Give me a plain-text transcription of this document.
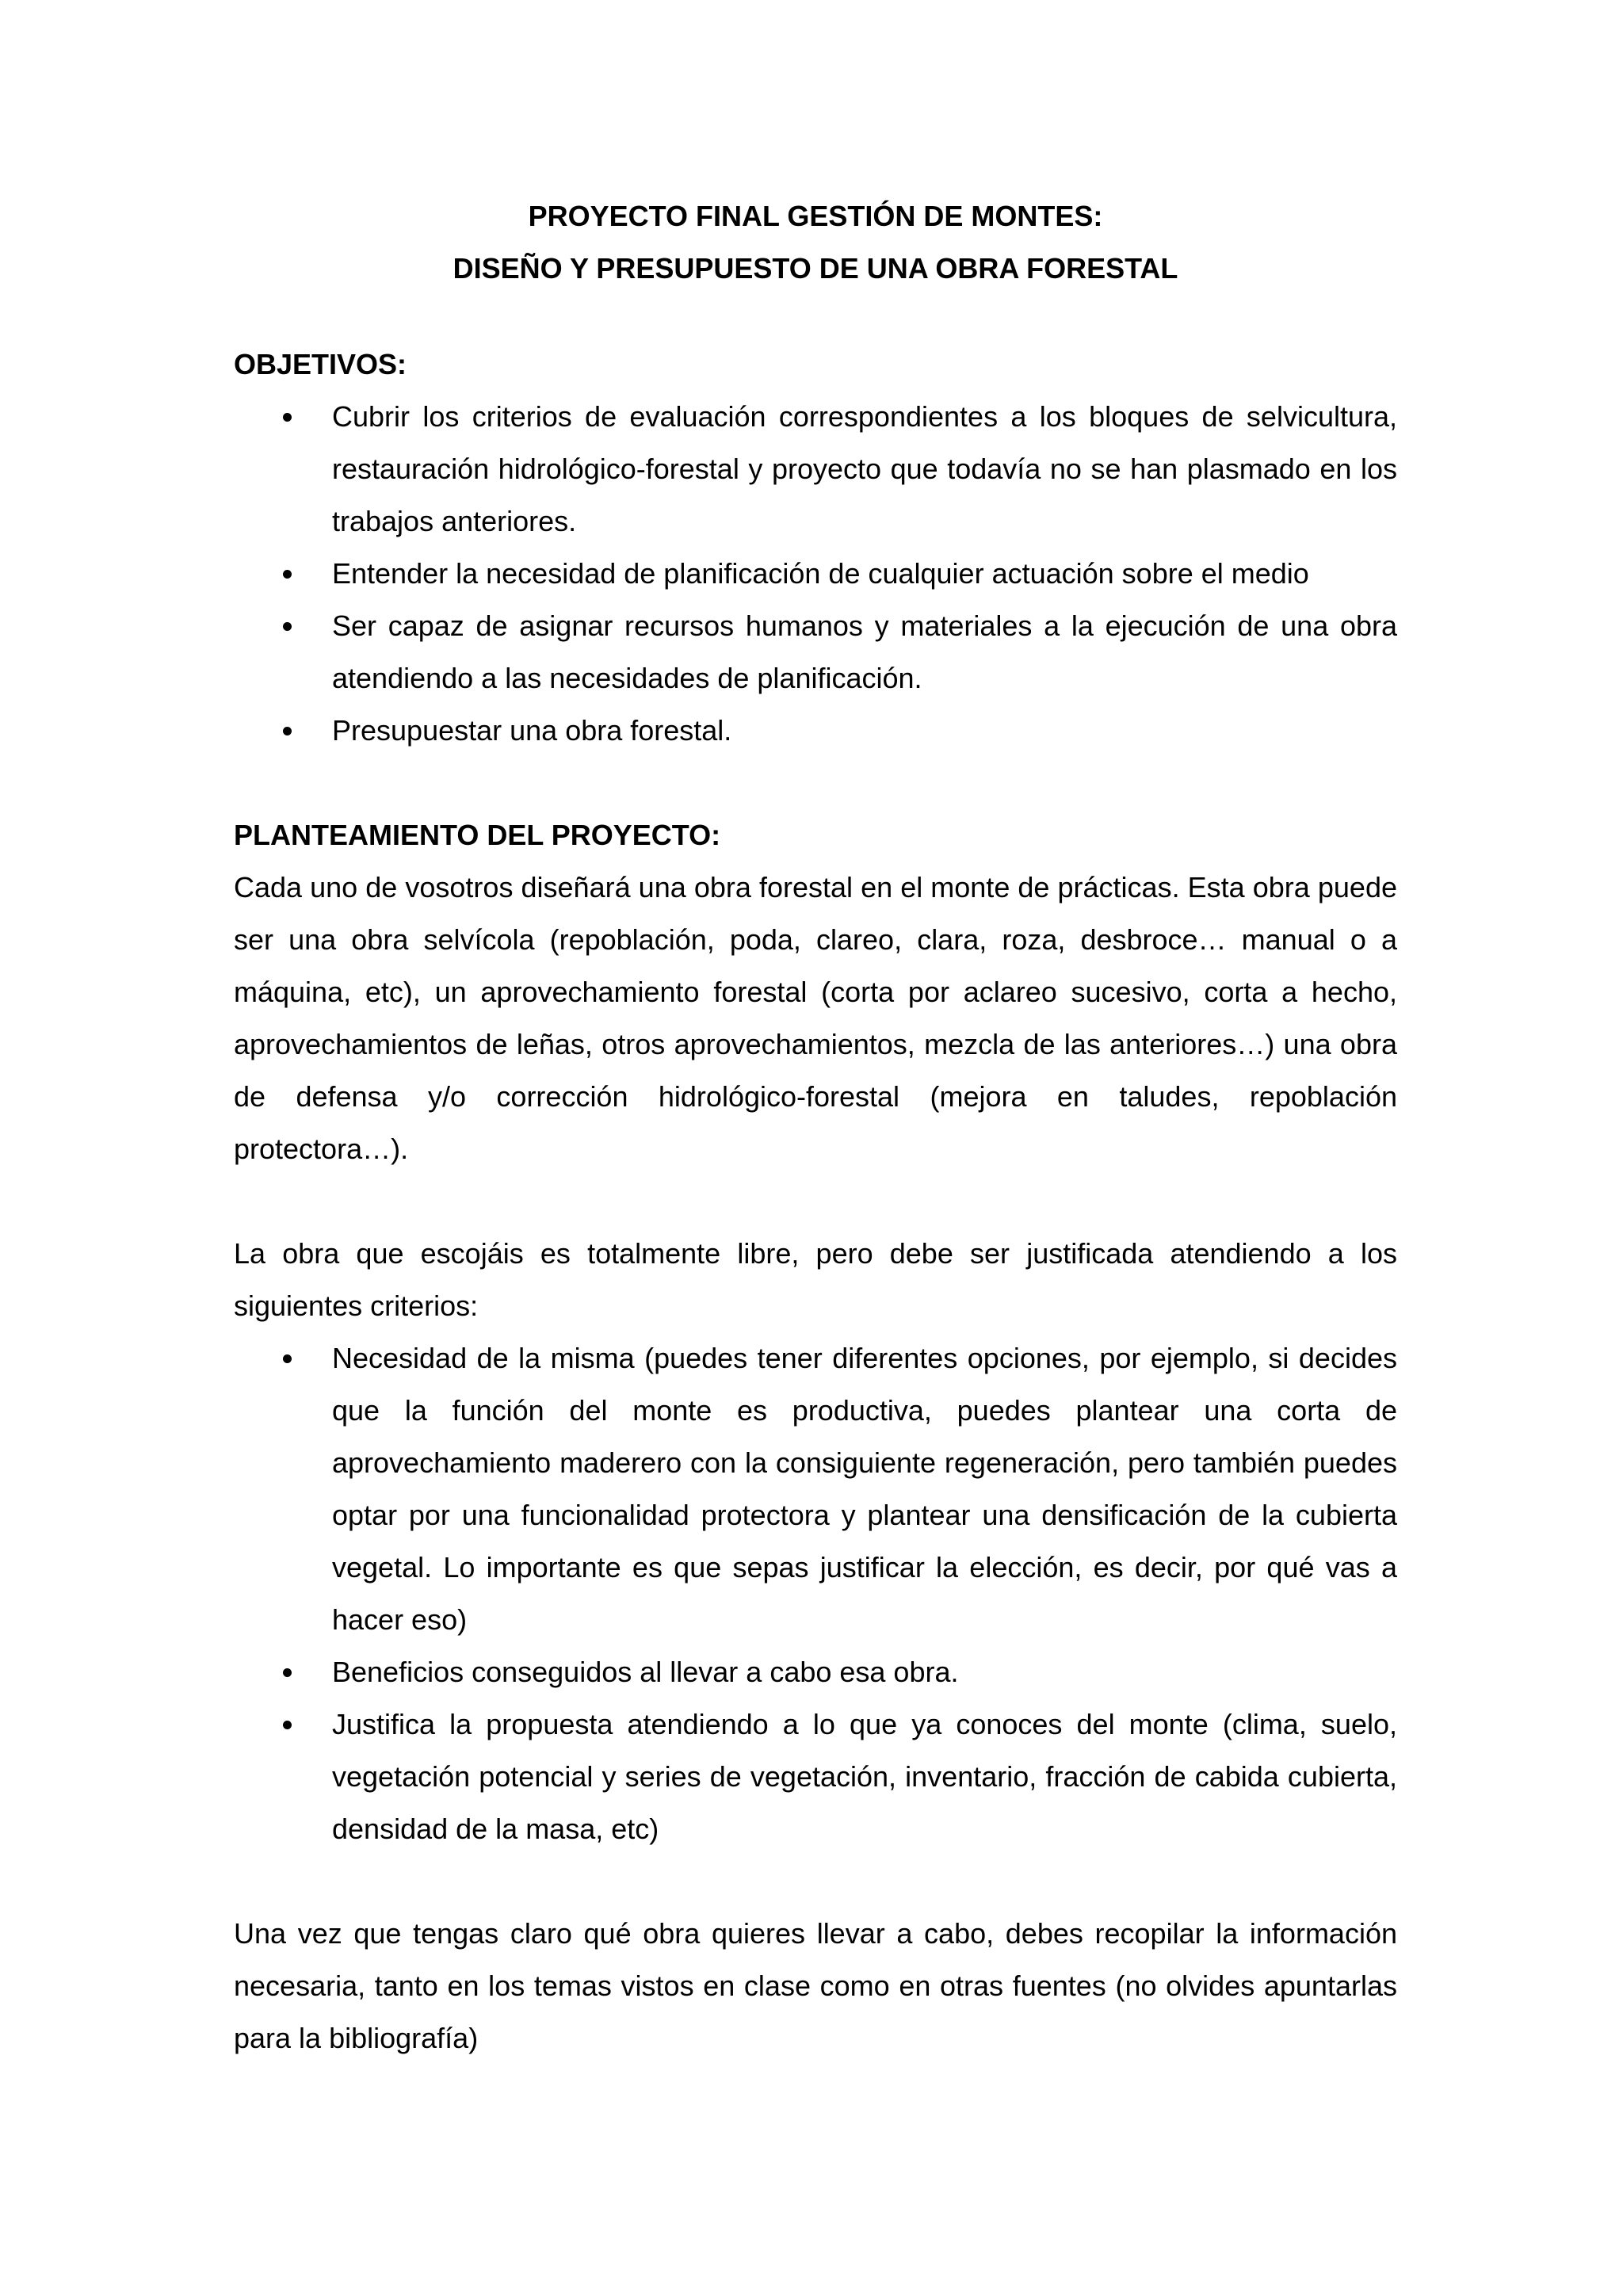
PROYECTO FINAL GESTIÓN DE MONTES:
DISEÑO Y PRESUPUESTO DE UNA OBRA FORESTAL
OBJETIVOS:
Cubrir los criterios de evaluación correspondientes a los bloques de selvicultura, restauración hidrológico-forestal y proyecto que todavía no se han plasmado en los trabajos anteriores.
Entender la necesidad de planificación de cualquier actuación sobre el medio
Ser capaz de asignar recursos humanos y materiales a la ejecución de una obra atendiendo a las necesidades de planificación.
Presupuestar una obra forestal.
PLANTEAMIENTO DEL PROYECTO:

Cada uno de vosotros diseñará una obra forestal en el monte de prácticas. Esta obra puede ser una obra selvícola (repoblación, poda, clareo, clara, roza, desbroce… manual o a máquina, etc), un aprovechamiento forestal (corta por aclareo sucesivo, corta a hecho, aprovechamientos de leñas, otros aprovechamientos, mezcla de las anteriores…) una obra de defensa y/o corrección hidrológico-forestal (mejora en taludes, repoblación protectora…).

La obra que escojáis es totalmente libre, pero debe ser justificada atendiendo a los siguientes criterios:

Necesidad de la misma (puedes tener diferentes opciones, por ejemplo, si decides que la función del monte es productiva, puedes plantear una corta de aprovechamiento maderero con la consiguiente regeneración, pero también puedes optar por una funcionalidad protectora y plantear una densificación de la cubierta vegetal. Lo importante es que sepas justificar la elección, es decir, por qué vas a hacer eso)
Beneficios conseguidos al llevar a cabo esa obra.
Justifica la propuesta atendiendo a lo que ya conoces del monte (clima, suelo, vegetación potencial y series de vegetación, inventario, fracción de cabida cubierta, densidad de la masa, etc)

Una vez que tengas claro qué obra quieres llevar a cabo, debes recopilar la información necesaria, tanto en los temas vistos en clase como en otras fuentes (no olvides apuntarlas para la bibliografía)
